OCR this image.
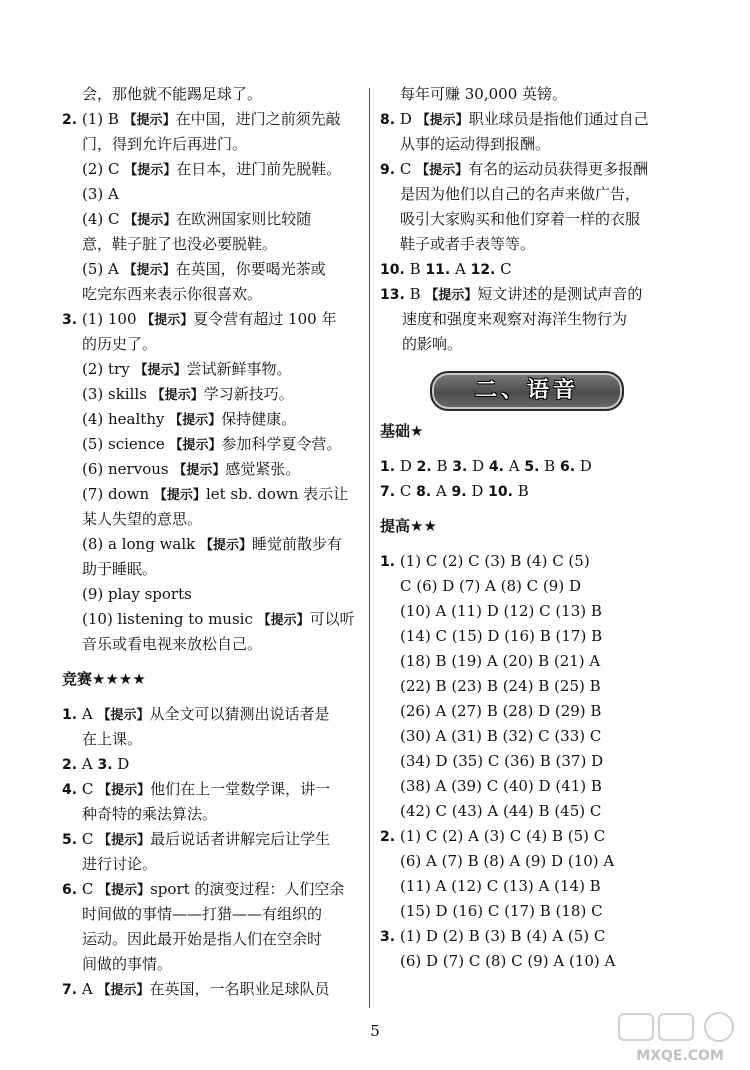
会，那他就不能踢足球了。
2. (1) B 【提示】在中国，进门之前须先敲
门，得到允许后再进门。
(2) C 【提示】在日本，进门前先脱鞋。
(3) A
(4) C 【提示】在欧洲国家则比较随
意，鞋子脏了也没必要脱鞋。
(5) A 【提示】在英国，你要喝光茶或
吃完东西来表示你很喜欢。
3. (1) 100 【提示】夏令营有超过 100 年
的历史了。
(2) try 【提示】尝试新鲜事物。
(3) skills 【提示】学习新技巧。
(4) healthy 【提示】保持健康。
(5) science 【提示】参加科学夏令营。
(6) nervous 【提示】感觉紧张。
(7) down 【提示】let sb. down 表示让
某人失望的意思。
(8) a long walk 【提示】睡觉前散步有
助于睡眠。
(9) play sports
(10) listening to music 【提示】可以听
音乐或看电视来放松自己。
竞赛★★★★
1. A 【提示】从全文可以猜测出说话者是
在上课。
2. A 3. D
4. C 【提示】他们在上一堂数学课，讲一
种奇特的乘法算法。
5. C 【提示】最后说话者讲解完后让学生
进行讨论。
6. C 【提示】sport 的演变过程：人们空余
时间做的事情——打猎——有组织的
运动。因此最开始是指人们在空余时
间做的事情。
7. A 【提示】在英国，一名职业足球队员
每年可赚 30,000 英镑。
8. D 【提示】职业球员是指他们通过自己
从事的运动得到报酬。
9. C 【提示】有名的运动员获得更多报酬
是因为他们以自己的名声来做广告，
吸引大家购买和他们穿着一样的衣服
鞋子或者手表等等。
10. B 11. A 12. C
13. B 【提示】短文讲述的是测试声音的
速度和强度来观察对海洋生物行为
的影响。
二、语音
基础★
1. D 2. B 3. D 4. A 5. B 6. D
7. C 8. A 9. D 10. B
提高★★
1. (1) C (2) C (3) B (4) C (5)
C (6) D (7) A (8) C (9) D
(10) A (11) D (12) C (13) B
(14) C (15) D (16) B (17) B
(18) B (19) A (20) B (21) A
(22) B (23) B (24) B (25) B
(26) A (27) B (28) D (29) B
(30) A (31) B (32) C (33) C
(34) D (35) C (36) B (37) D
(38) A (39) C (40) D (41) B
(42) C (43) A (44) B (45) C
2. (1) C (2) A (3) C (4) B (5) C
(6) A (7) B (8) A (9) D (10) A
(11) A (12) C (13) A (14) B
(15) D (16) C (17) B (18) C
3. (1) D (2) B (3) B (4) A (5) C
(6) D (7) C (8) C (9) A (10) A
5
MXQE.COM
